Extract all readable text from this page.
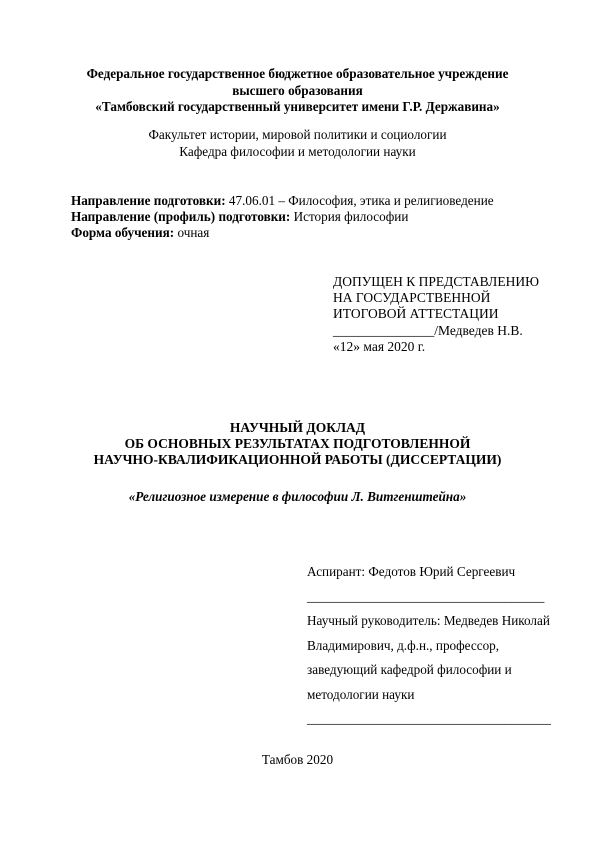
Федеральное государственное бюджетное образовательное учреждение
высшего образования
«Тамбовский государственный университет имени Г.Р. Державина»
Факультет истории, мировой политики и социологии
Кафедра философии и методологии науки
Направление подготовки: 47.06.01 – Философия, этика и религиоведение
Направление (профиль) подготовки: История философии
Форма обучения: очная
ДОПУЩЕН К ПРЕДСТАВЛЕНИЮ
НА ГОСУДАРСТВЕННОЙ
ИТОГОВОЙ АТТЕСТАЦИИ
_______________/Медведев Н.В.
«12» мая 2020 г.
НАУЧНЫЙ ДОКЛАД
ОБ ОСНОВНЫХ РЕЗУЛЬТАТАХ ПОДГОТОВЛЕННОЙ
НАУЧНО-КВАЛИФИКАЦИОННОЙ РАБОТЫ (ДИССЕРТАЦИИ)
«Религиозное измерение в философии Л. Витгенштейна»
Аспирант: Федотов Юрий Сергеевич
____________________________________
Научный руководитель: Медведев Николай
Владимирович, д.ф.н., профессор,
заведующий кафедрой философии и
методологии науки
_____________________________________
Тамбов 2020
